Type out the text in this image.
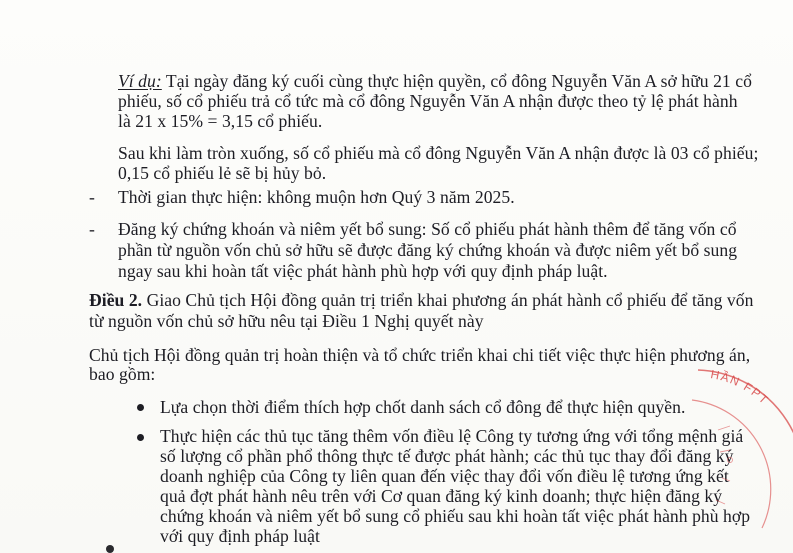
Ví dụ: Tại ngày đăng ký cuối cùng thực hiện quyền, cổ đông Nguyễn Văn A sở hữu 21 cổ
phiếu, số cổ phiếu trả cổ tức mà cổ đông Nguyễn Văn A nhận được theo tỷ lệ phát hành
là 21 x 15% = 3,15 cổ phiếu.
Sau khi làm tròn xuống, số cổ phiếu mà cổ đông Nguyễn Văn A nhận được là 03 cổ phiếu;
0,15 cổ phiếu lẻ sẽ bị hủy bỏ.
- Thời gian thực hiện: không muộn hơn Quý 3 năm 2025.
- Đăng ký chứng khoán và niêm yết bổ sung: Số cổ phiếu phát hành thêm để tăng vốn cổ
phần từ nguồn vốn chủ sở hữu sẽ được đăng ký chứng khoán và được niêm yết bổ sung
ngay sau khi hoàn tất việc phát hành phù hợp với quy định pháp luật.
Điều 2. Giao Chủ tịch Hội đồng quản trị triển khai phương án phát hành cổ phiếu để tăng vốn
từ nguồn vốn chủ sở hữu nêu tại Điều 1 Nghị quyết này
Chủ tịch Hội đồng quản trị hoàn thiện và tổ chức triển khai chi tiết việc thực hiện phương án,
bao gồm:
Lựa chọn thời điểm thích hợp chốt danh sách cổ đông để thực hiện quyền.
Thực hiện các thủ tục tăng thêm vốn điều lệ Công ty tương ứng với tổng mệnh giá
số lượng cổ phần phổ thông thực tế được phát hành; các thủ tục thay đổi đăng ký
doanh nghiệp của Công ty liên quan đến việc thay đổi vốn điều lệ tương ứng kết
quả đợt phát hành nêu trên với Cơ quan đăng ký kinh doanh; thực hiện đăng ký
chứng khoán và niêm yết bổ sung cổ phiếu sau khi hoàn tất việc phát hành phù hợp
với quy định pháp luật
HẦN FPT
